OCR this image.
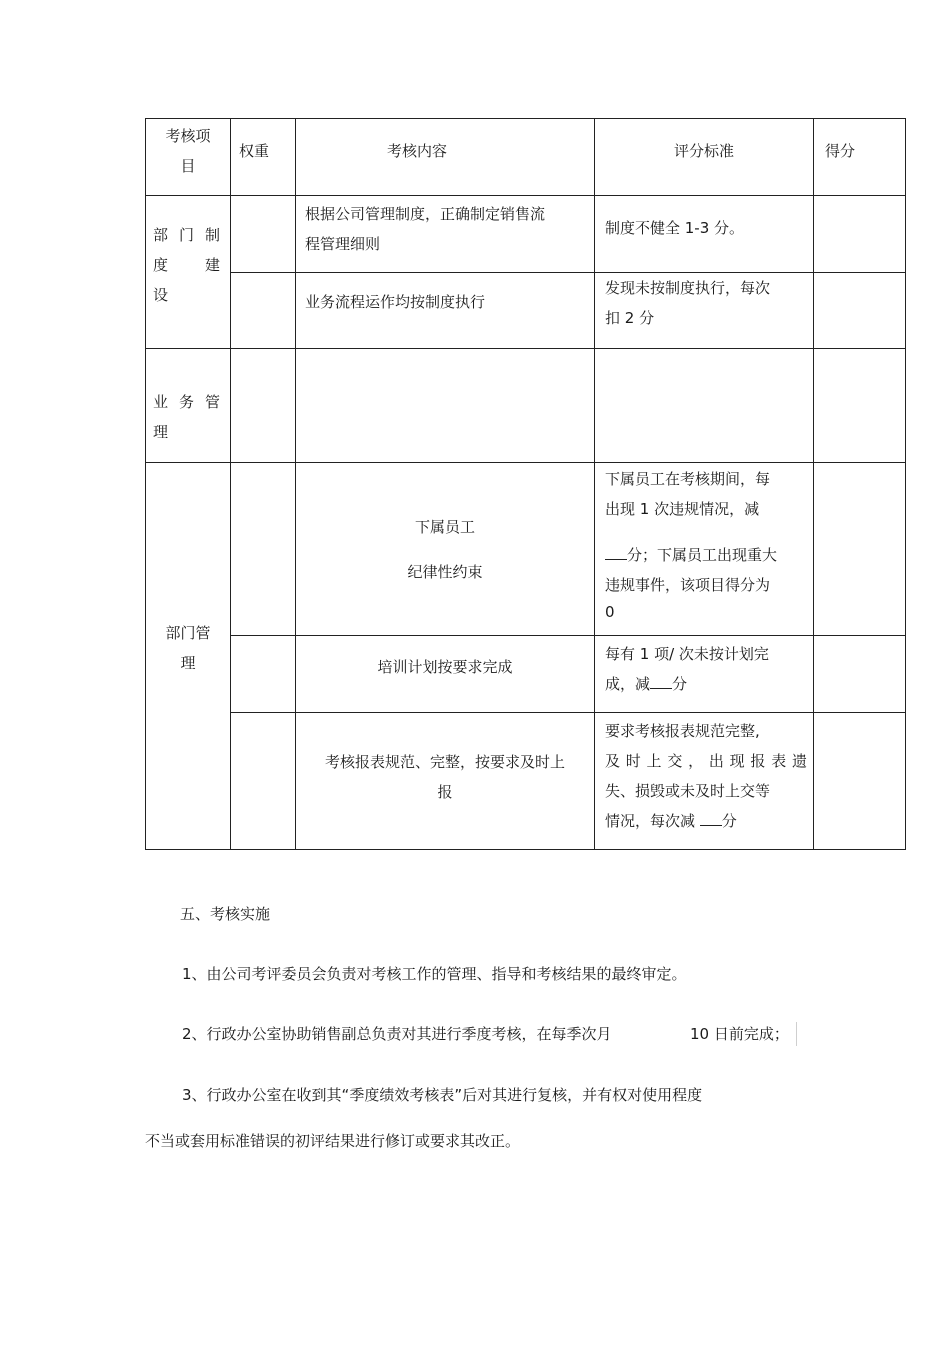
考核项
目	权重	考核内容	评分标准	得分

部 门 制
度 建
设		根据公司管理制度，正确制定销售流
程管理细则	制度不健全 1-3 分。	

		业务流程运作均按制度执行	发现未按制度执行，每次
扣 2 分	

业 务 管
理				

部门管
理		下属员工
纪律性约束	下属员工在考核期间，每
出现 1 次违规情况，减
分；下属员工出现重大
违规事件，该项目得分为
0	

		培训计划按要求完成	每有 1 项/ 次未按计划完
成，减 分	

		考核报表规范、完整，按要求及时上
报	要求考核报表规范完整,
及时上交，出现报表遗
失、损毁或未及时上交等
情况，每次减 分	

五、考核实施
1、由公司考评委员会负责对考核工作的管理、指导和考核结果的最终审定。
2、行政办公室协助销售副总负责对其进行季度考核，在每季次月	10 日前完成；
3、行政办公室在收到其“季度绩效考核表”后对其进行复核，并有权对使用程度
不当或套用标准错误的初评结果进行修订或要求其改正。
